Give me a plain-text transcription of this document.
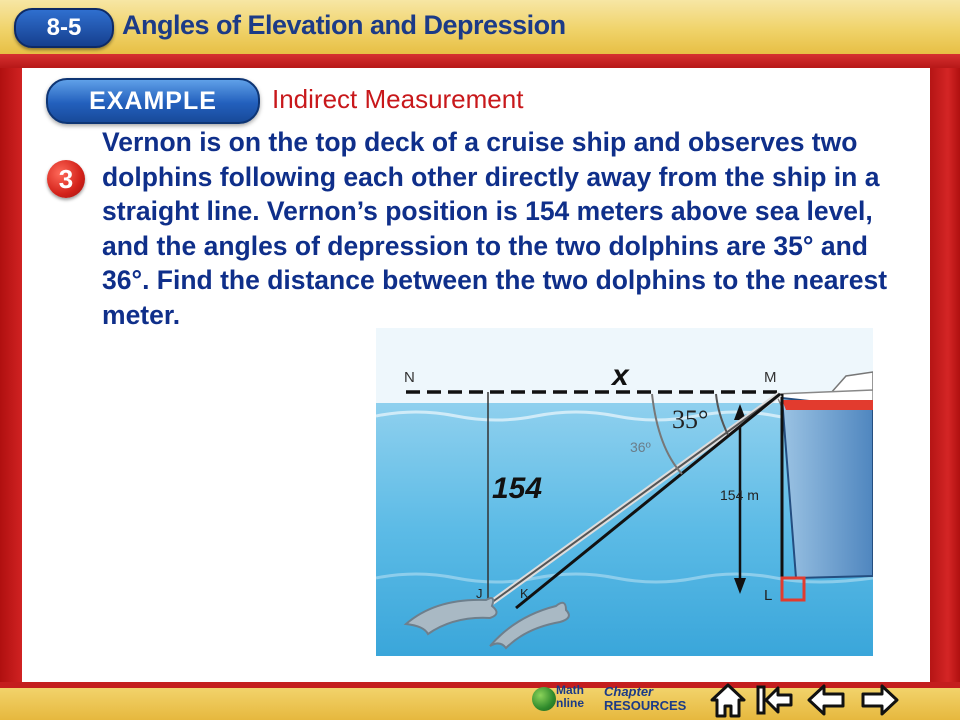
8-5	Angles of Elevation and Depression
EXAMPLE	Indirect Measurement
3

Vernon is on the top deck of a cruise ship and observes two dolphins following each other directly away from the ship in a straight line. Vernon’s position is 154 meters above sea level, and the angles of depression to the two dolphins are 35° and 36°. Find the distance between the two dolphins to the nearest meter.

N	M
x
35°
36º
154	154 m
L
J	K
Math
nline
Chapter
RESOURCES
